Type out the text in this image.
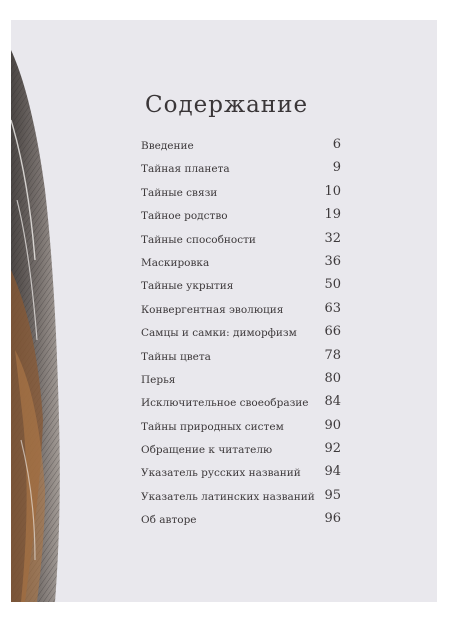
Содержание
Введение	6
Тайная планета	9
Тайные связи	10
Тайное родство	19
Тайные способности	32
Маскировка	36
Тайные укрытия	50
Конвергентная эволюция	63
Самцы и самки: диморфизм 66
Тайны цвета	78
Перья	80
Исключительное своеобразие 84
Тайны природных систем	90
Обращение к читателю	92
Указатель русских названий 94
Указатель латинских названий 95
Об авторе	96
